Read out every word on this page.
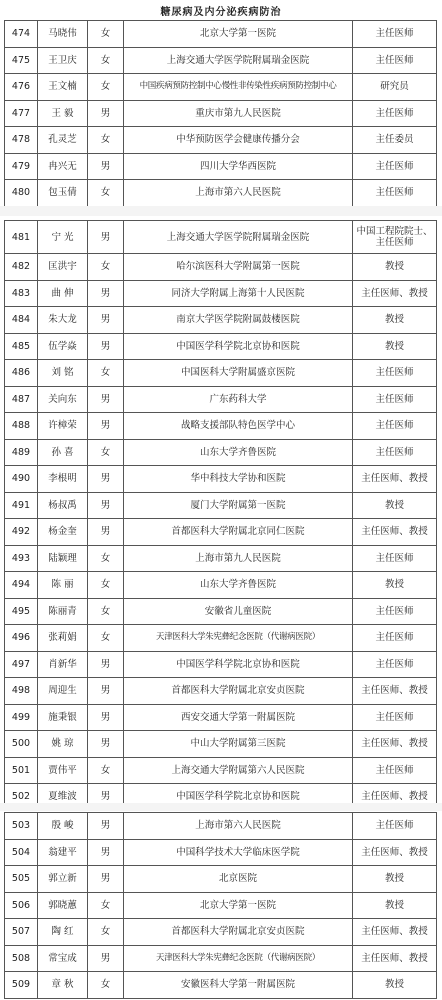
糖尿病及内分泌疾病防治
474	马晓伟	女	北京大学第一医院	主任医师
475	王卫庆	女	上海交通大学医学院附属瑞金医院	主任医师
476	王文楠	女	中国疾病预防控制中心慢性非传染性疾病预防控制中心	研究员
477	王 毅	男	重庆市第九人民医院	主任医师
478	孔灵芝	女	中华预防医学会健康传播分会	主任委员
479	冉兴无	男	四川大学华西医院	主任医师
480	包玉倩	女	上海市第六人民医院	主任医师
481	宁 光	男	上海交通大学医学院附属瑞金医院	中国工程院院士、主任医师
482	匡洪宇	女	哈尔滨医科大学附属第一医院	教授
483	曲 伸	男	同济大学附属上海第十人民医院	主任医师、教授
484	朱大龙	男	南京大学医学院附属鼓楼医院	教授
485	伍学焱	男	中国医学科学院北京协和医院	教授
486	刘 铭	女	中国医科大学附属盛京医院	主任医师
487	关向东	男	广东药科大学	主任医师
488	许樟荣	男	战略支援部队特色医学中心	主任医师
489	孙 喜	女	山东大学齐鲁医院	主任医师
490	李根明	男	华中科技大学协和医院	主任医师、教授
491	杨叔禹	男	厦门大学附属第一医院	教授
492	杨金奎	男	首都医科大学附属北京同仁医院	主任医师、教授
493	陆颖理	女	上海市第九人民医院	主任医师
494	陈 丽	女	山东大学齐鲁医院	教授
495	陈丽青	女	安徽省儿童医院	主任医师
496	张莉娟	女	天津医科大学朱宪彝纪念医院（代谢病医院）	主任医师
497	肖新华	男	中国医学科学院北京协和医院	主任医师
498	周迎生	男	首都医科大学附属北京安贞医院	主任医师、教授
499	施秉银	男	西安交通大学第一附属医院	主任医师
500	姚 琼	男	中山大学附属第三医院	主任医师、教授
501	贾伟平	女	上海交通大学附属第六人民医院	主任医师
502	夏维波	男	中国医学科学院北京协和医院	主任医师、教授
503	殷 峻	男	上海市第六人民医院	主任医师
504	翁建平	男	中国科学技术大学临床医学院	主任医师、教授
505	郭立新	男	北京医院	教授
506	郭晓蕙	女	北京大学第一医院	教授
507	陶 红	女	首都医科大学附属北京安贞医院	主任医师、教授
508	常宝成	男	天津医科大学朱宪彝纪念医院（代谢病医院）	主任医师、教授
509	章 秋	女	安徽医科大学第一附属医院	教授
